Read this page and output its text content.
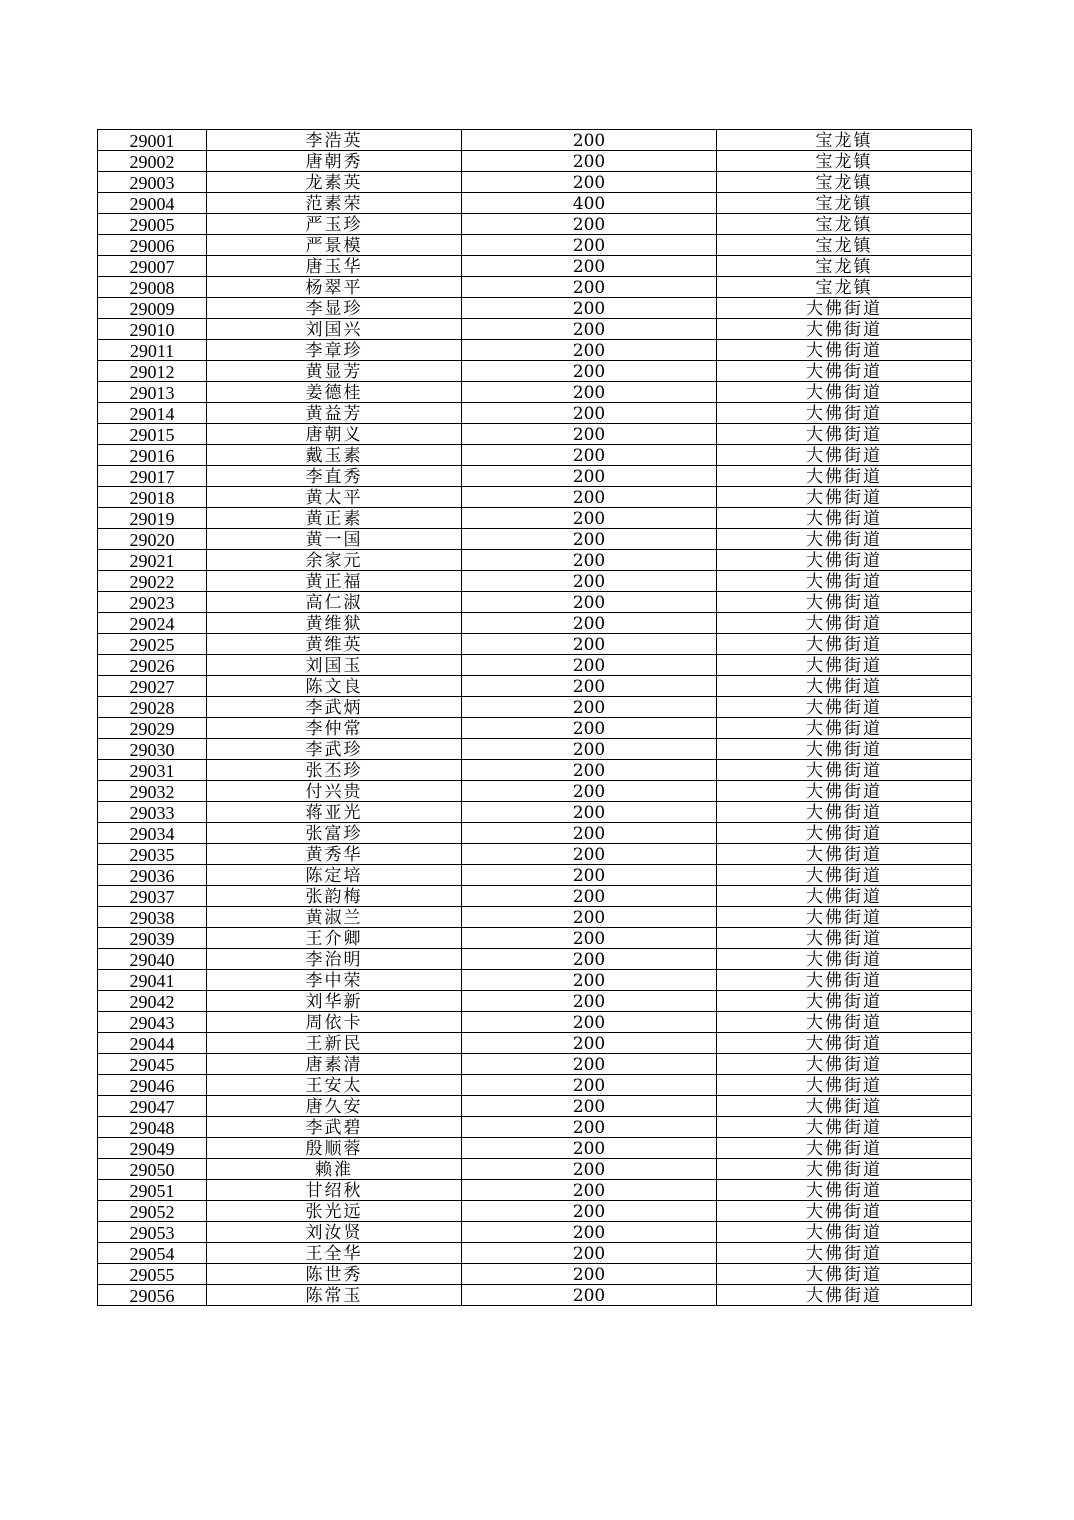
29001	李浩英	200	宝龙镇
29002	唐朝秀	200	宝龙镇
29003	龙素英	200	宝龙镇
29004	范素荣	400	宝龙镇
29005	严玉珍	200	宝龙镇
29006	严景模	200	宝龙镇
29007	唐玉华	200	宝龙镇
29008	杨翠平	200	宝龙镇
29009	李显珍	200	大佛街道
29010	刘国兴	200	大佛街道
29011	李章珍	200	大佛街道
29012	黄显芳	200	大佛街道
29013	姜德桂	200	大佛街道
29014	黄益芳	200	大佛街道
29015	唐朝义	200	大佛街道
29016	戴玉素	200	大佛街道
29017	李直秀	200	大佛街道
29018	黄太平	200	大佛街道
29019	黄正素	200	大佛街道
29020	黄一国	200	大佛街道
29021	余家元	200	大佛街道
29022	黄正福	200	大佛街道
29023	高仁淑	200	大佛街道
29024	黄维狱	200	大佛街道
29025	黄维英	200	大佛街道
29026	刘国玉	200	大佛街道
29027	陈文良	200	大佛街道
29028	李武炳	200	大佛街道
29029	李仲常	200	大佛街道
29030	李武珍	200	大佛街道
29031	张丕珍	200	大佛街道
29032	付兴贵	200	大佛街道
29033	蒋亚光	200	大佛街道
29034	张富珍	200	大佛街道
29035	黄秀华	200	大佛街道
29036	陈定培	200	大佛街道
29037	张韵梅	200	大佛街道
29038	黄淑兰	200	大佛街道
29039	王介卿	200	大佛街道
29040	李治明	200	大佛街道
29041	李中荣	200	大佛街道
29042	刘华新	200	大佛街道
29043	周依卡	200	大佛街道
29044	王新民	200	大佛街道
29045	唐素清	200	大佛街道
29046	王安太	200	大佛街道
29047	唐久安	200	大佛街道
29048	李武碧	200	大佛街道
29049	殷顺蓉	200	大佛街道
29050	赖淮	200	大佛街道
29051	甘绍秋	200	大佛街道
29052	张光远	200	大佛街道
29053	刘汝贤	200	大佛街道
29054	王全华	200	大佛街道
29055	陈世秀	200	大佛街道
29056	陈常玉	200	大佛街道
